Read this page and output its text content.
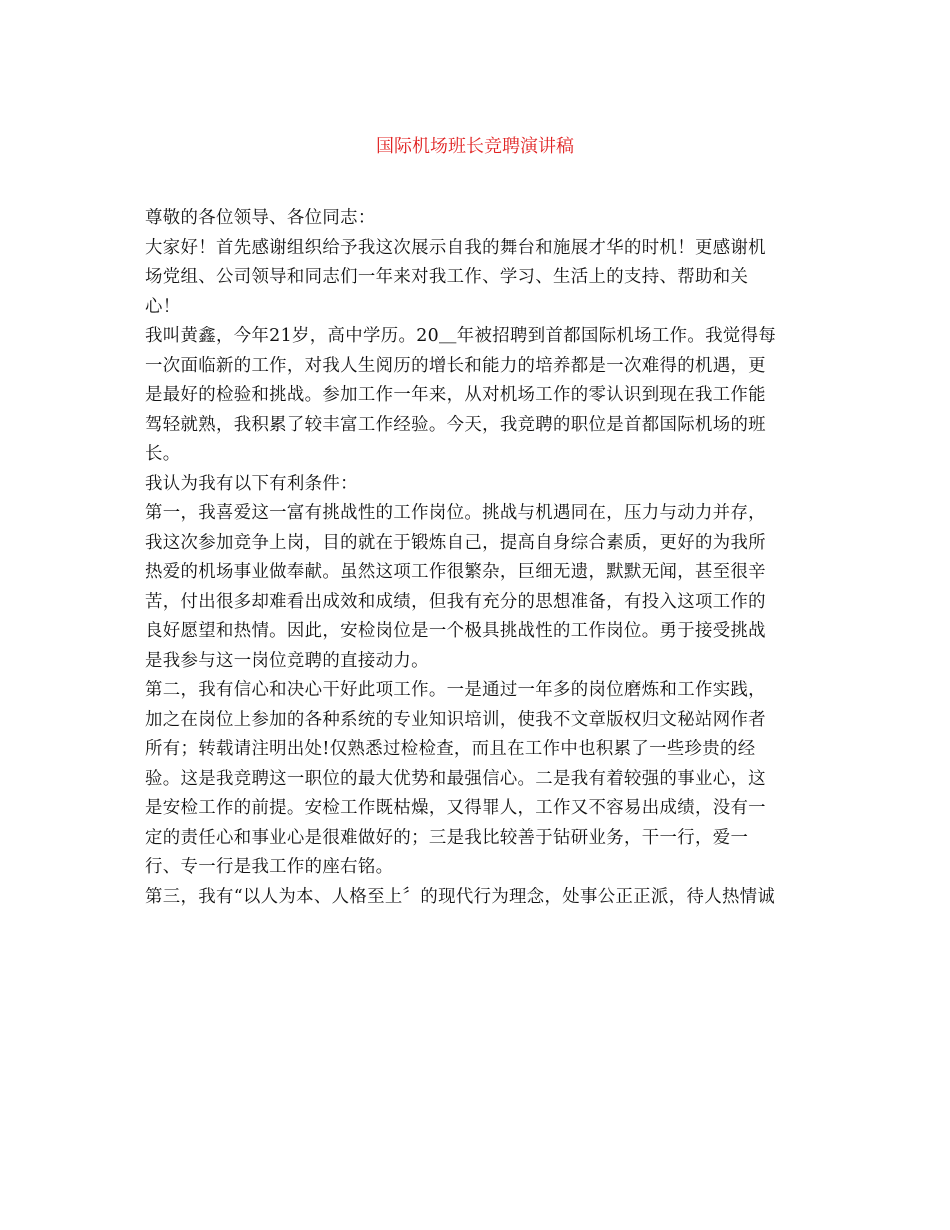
国际机场班长竞聘演讲稿

尊敬的各位领导、各位同志：

大家好！首先感谢组织给予我这次展示自我的舞台和施展才华的时机！更感谢机

场党组、公司领导和同志们一年来对我工作、学习、生活上的支持、帮助和关

心！

我叫黄鑫，今年21岁，高中学历。20＿年被招聘到首都国际机场工作。我觉得每

一次面临新的工作，对我人生阅历的增长和能力的培养都是一次难得的机遇，更

是最好的检验和挑战。参加工作一年来，从对机场工作的零认识到现在我工作能

驾轻就熟，我积累了较丰富工作经验。今天，我竞聘的职位是首都国际机场的班

长。

我认为我有以下有利条件：

第一，我喜爱这一富有挑战性的工作岗位。挑战与机遇同在，压力与动力并存，

我这次参加竞争上岗，目的就在于锻炼自己，提高自身综合素质，更好的为我所

热爱的机场事业做奉献。虽然这项工作很繁杂，巨细无遗，默默无闻，甚至很辛

苦，付出很多却难看出成效和成绩，但我有充分的思想准备，有投入这项工作的

良好愿望和热情。因此，安检岗位是一个极具挑战性的工作岗位。勇于接受挑战

是我参与这一岗位竞聘的直接动力。

第二，我有信心和决心干好此项工作。一是通过一年多的岗位磨炼和工作实践，

加之在岗位上参加的各种系统的专业知识培训，使我不文章版权归文秘站网作者

所有；转载请注明出处!仅熟悉过检检查，而且在工作中也积累了一些珍贵的经

验。这是我竞聘这一职位的最大优势和最强信心。二是我有着较强的事业心，这

是安检工作的前提。安检工作既枯燥，又得罪人，工作又不容易出成绩，没有一

定的责任心和事业心是很难做好的；三是我比较善于钻研业务，干一行，爱一

行、专一行是我工作的座右铭。

第三，我有“以人为本、人格至上〞的现代行为理念，处事公正正派，待人热情诚
